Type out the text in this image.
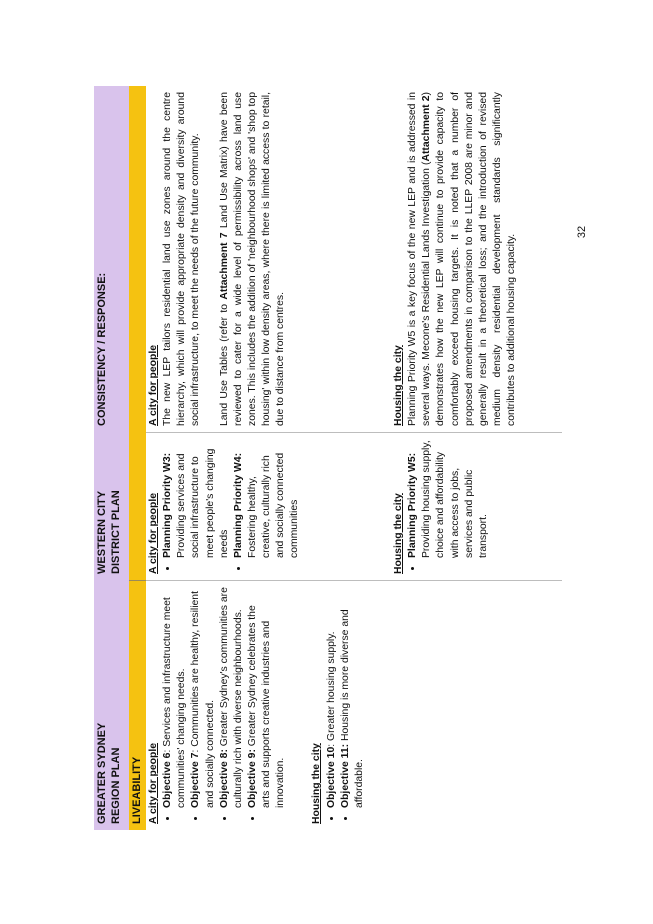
GREATER SYDNEY REGION PLAN
WESTERN CITY DISTRICT PLAN
CONSISTENCY / RESPONSE:
LIVEABILITY A city for people • Objective 6: Services and infrastructure meet communities' changing needs. • Objective 7: Communities are healthy, resilient and socially connected. • Objective 8: Greater Sydney's communities are culturally rich with diverse neighbourhoods. • Objective 9: Greater Sydney celebrates the arts and supports creative industries and innovation. Housing the city • Objective 10: Greater housing supply.
• Objective 11: Housing is more diverse and affordable.
A city for people • Planning Priority W3: Providing services and social infrastructure to meet people's changing needs • Planning Priority W4: Fostering healthy, creative, culturally rich and socially connected communities	Housing the city • Planning Priority W5: Providing housing supply, choice and affordability with access to jobs, services and public transport.
A city for people The new LEP tailors residential land use zones around the centre hierarchy, which will provide appropriate density and diversity around social infrastructure, to meet the needs of the future community. Land Use Tables (refer to Attachment 7 Land Use Matrix) have been reviewed to cater for a wide level of permissibility across land use zones. This includes the addition of 'neighbourhood shops' and 'shop top housing' within low density areas, where there is limited access to retail, due to distance from centres.	Housing the city Planning Priority W5 is a key focus of the new LEP and is addressed in several ways. Mecone's Residential Lands Investigation (Attachment 2) demonstrates how the new LEP will continue to provide capacity to comfortably exceed housing targets. It is noted that a number of proposed amendments in comparison to the LLEP 2008 are minor and generally result in a theoretical loss; and the introduction of revised medium density residential development standards significantly contributes to additional housing capacity.

32
